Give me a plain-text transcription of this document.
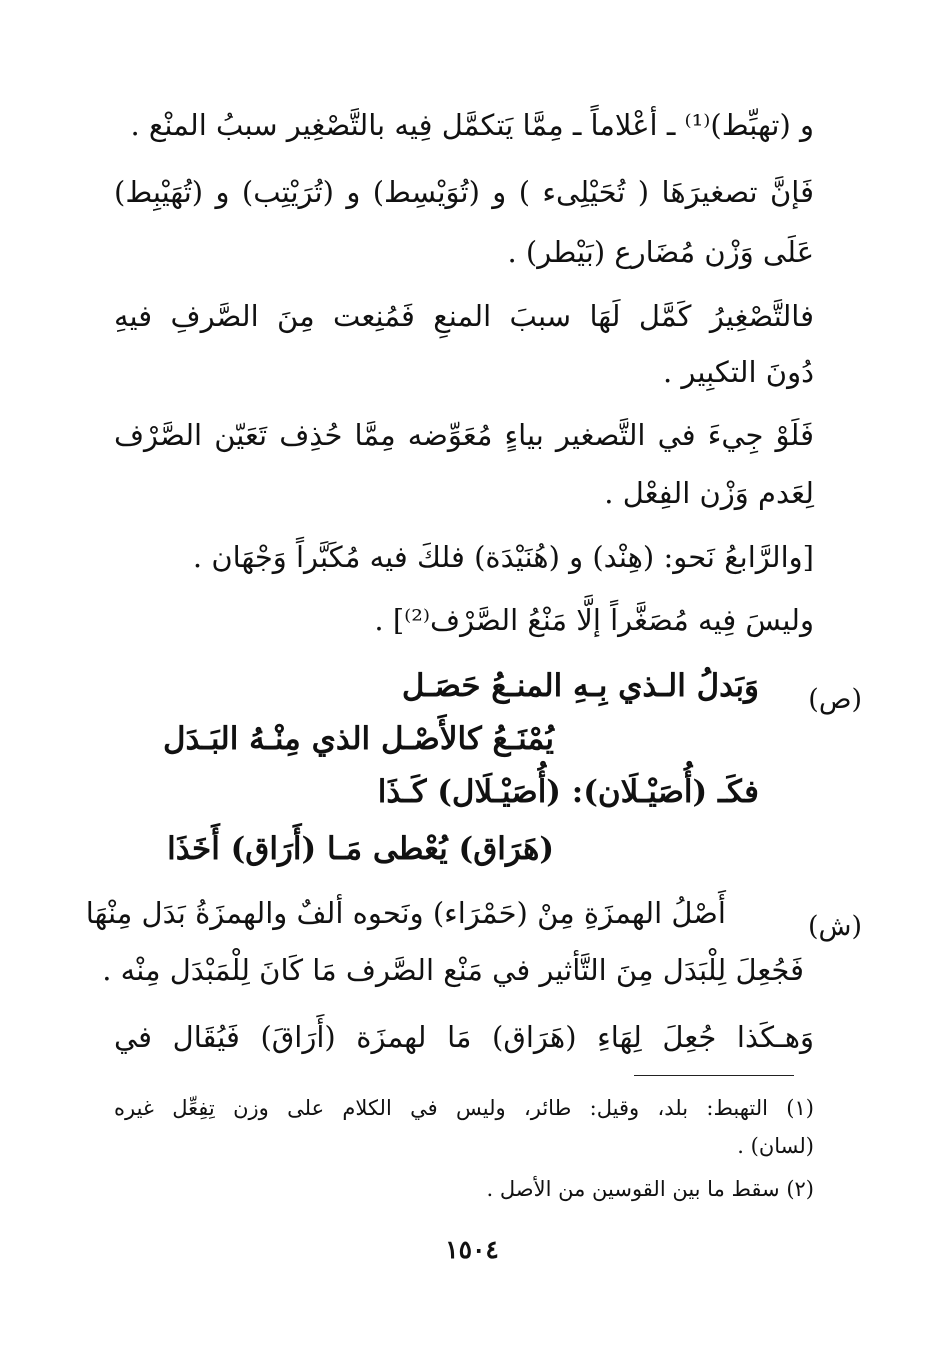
و (تهبِّط)⁽¹⁾ ـ أعْلاماً ـ مِمَّا يَتكمَّل فِيه بالتَّصْغِير سببُ المنْع .
فَإنَّ تصغيرَهَا ( تُحَيْلِىء ) و (تُوَيْسِط) و (تُرَيْتِب) و (تُهَيْبِط)
عَلَى وَزْن مُضَارع (بَيْطر) .
فالتَّصْغِيرُ كَمَّل لَهَا سببَ المنعِ فَمُنِعت مِنَ الصَّرفِ فيهِ
دُونَ التكبِير .
فَلَوْ جِيءَ في التَّصغير بياءٍ مُعَوِّضه مِمَّا حُذِف تَعَيّن الصَّرْف
لِعَدم وَزْن الفِعْل .
[والرَّابعُ نَحو: (هِنْد) و (هُنَيْدَة) فلكَ فيه مُكَبَّراً وَجْهَان .
وليسَ فِيه مُصَغَّراً إلَّا مَنْعُ الصَّرْف⁽²⁾] .
(ص)
وَبَدلُ الـذي بِـهِ المنـعُ حَصَـل
يُمْنَـعُ كالأَصْـل الذي مِنْـهُ البَـدَل
فكَـ (أُصَيْـلَان): (أُصَيْـلَال) كَـذَا
(هَرَاق) يُعْطى مَـا (أَرَاق) أَخَذَا
(ش)
أَصْلُ الهمزَةِ مِنْ (حَمْرَاء) ونَحوه ألفٌ والهمزَةُ بَدَل مِنْهَا
فَجُعِلَ لِلْبَدَل مِنَ التَّأثير في مَنْع الصَّرف مَا كَانَ لِلْمَبْدَل مِنْه .
وَهـكَذا جُعِلَ لِهَاءِ (هَرَاق) مَا لهمزَة (أَرَاقَ) فَيُقَال في
(١) التهبط: بلد، وقيل: طائر، وليس في الكلام على وزن تِفِعِّل غيره
(لسان) .
(٢) سقط ما بين القوسين من الأصل .
١٥٠٤
